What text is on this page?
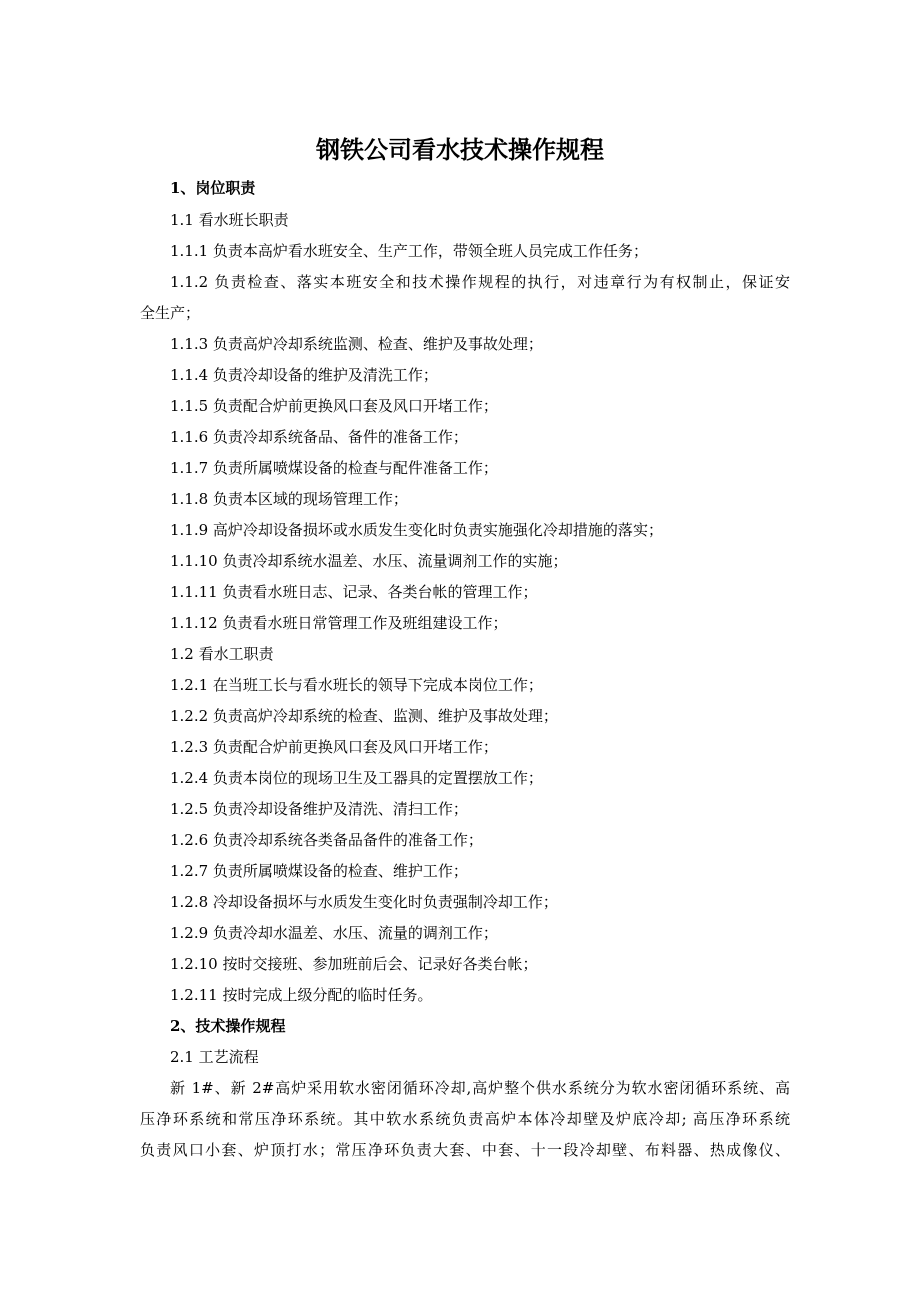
钢铁公司看水技术操作规程
1、岗位职责
1.1 看水班长职责
1.1.1 负责本高炉看水班安全、生产工作，带领全班人员完成工作任务；
1.1.2 负责检查、落实本班安全和技术操作规程的执行，对违章行为有权制止，保证安
全生产；
1.1.3 负责高炉冷却系统监测、检查、维护及事故处理；
1.1.4 负责冷却设备的维护及清洗工作；
1.1.5 负责配合炉前更换风口套及风口开堵工作；
1.1.6 负责冷却系统备品、备件的准备工作；
1.1.7 负责所属喷煤设备的检查与配件准备工作；
1.1.8 负责本区域的现场管理工作；
1.1.9 高炉冷却设备损坏或水质发生变化时负责实施强化冷却措施的落实；
1.1.10 负责冷却系统水温差、水压、流量调剂工作的实施；
1.1.11 负责看水班日志、记录、各类台帐的管理工作；
1.1.12 负责看水班日常管理工作及班组建设工作；
1.2 看水工职责
1.2.1 在当班工长与看水班长的领导下完成本岗位工作；
1.2.2 负责高炉冷却系统的检查、监测、维护及事故处理；
1.2.3 负责配合炉前更换风口套及风口开堵工作；
1.2.4 负责本岗位的现场卫生及工器具的定置摆放工作；
1.2.5 负责冷却设备维护及清洗、清扫工作；
1.2.6 负责冷却系统各类备品备件的准备工作；
1.2.7 负责所属喷煤设备的检查、维护工作；
1.2.8 冷却设备损坏与水质发生变化时负责强制冷却工作；
1.2.9 负责冷却水温差、水压、流量的调剂工作；
1.2.10 按时交接班、参加班前后会、记录好各类台帐；
1.2.11 按时完成上级分配的临时任务。
2、技术操作规程
2.1 工艺流程
新 1#、新 2#高炉采用软水密闭循环冷却,高炉整个供水系统分为软水密闭循环系统、高
压净环系统和常压净环系统。其中软水系统负责高炉本体冷却壁及炉底冷却; 高压净环系统
负责风口小套、炉顶打水；常压净环负责大套、中套、十一段冷却壁、布料器、热成像仪、
